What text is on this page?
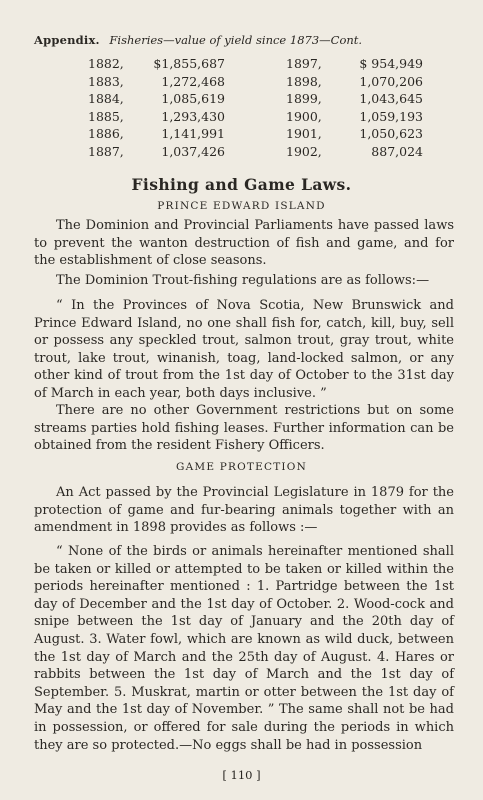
Appendix. Fisheries—value of yield since 1873—Cont.
1882,	$1,855,687	1897,	$ 954,949
1883,	1,272,468	1898,	1,070,206
1884,	1,085,619	1899,	1,043,645
1885,	1,293,430	1900,	1,059,193
1886,	1,141,991	1901,	1,050,623
1887,	1,037,426	1902,	887,024
Fishing and Game Laws.
PRINCE EDWARD ISLAND

The Dominion and Provincial Parliaments have passed laws to prevent the wanton destruction of fish and game, and for the establishment of close seasons.

The Dominion Trout-fishing regulations are as follows:—

“ In the Provinces of Nova Scotia, New Brunswick and Prince Edward Island, no one shall fish for, catch, kill, buy, sell or possess any speckled trout, salmon trout, gray trout, white trout, lake trout, winanish, toag, land-locked salmon, or any other kind of trout from the 1st day of October to the 31st day of March in each year, both days inclusive. ”

There are no other Government restrictions but on some streams parties hold fishing leases. Further information can be obtained from the resident Fishery Officers.

GAME PROTECTION

An Act passed by the Provincial Legislature in 1879 for the protection of game and fur-bearing animals together with an amendment in 1898 provides as follows :—

“ None of the birds or animals hereinafter mentioned shall be taken or killed or attempted to be taken or killed within the periods hereinafter mentioned : 1. Partridge between the 1st day of December and the 1st day of October. 2. Wood-cock and snipe between the 1st day of January and the 20th day of August. 3. Water fowl, which are known as wild duck, between the 1st day of March and the 25th day of August. 4. Hares or rabbits between the 1st day of March and the 1st day of September. 5. Muskrat, martin or otter between the 1st day of May and the 1st day of November. ” The same shall not be had in possession, or offered for sale during the periods in which they are so protected.—No eggs shall be had in possession

[ 110 ]
